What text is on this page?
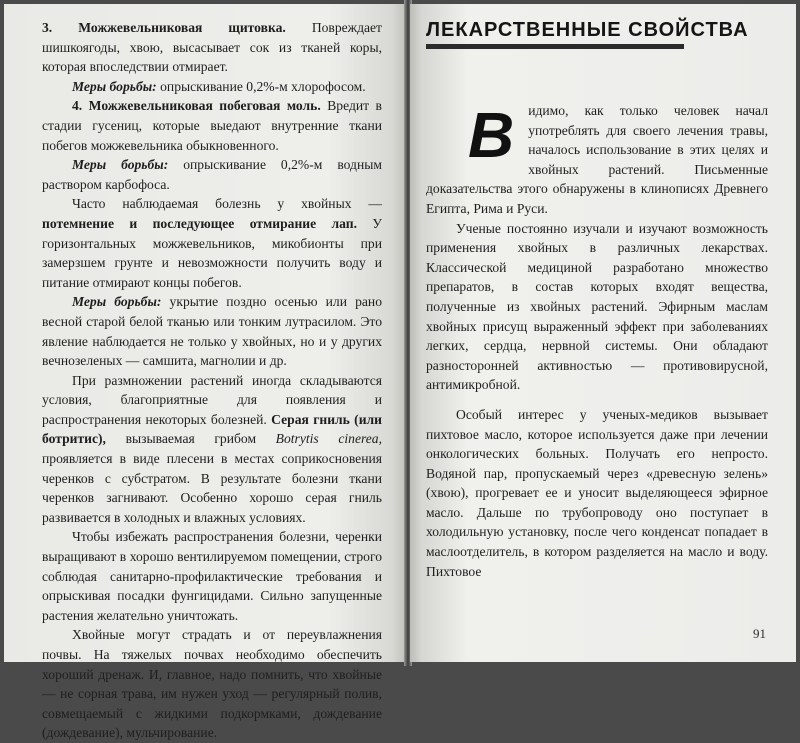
3. Можжевельниковая щитовка. Повреждает шишкоягоды, хвою, высасывает сок из тканей коры, которая впоследствии отмирает.

Меры борьбы: опрыскивание 0,2%-м хлорофосом.

4. Можжевельниковая побеговая моль. Вредит в стадии гусениц, которые выедают внутренние ткани побегов можжевельника обыкновенного.

Меры борьбы: опрыскивание 0,2%-м водным раствором карбофоса.

Часто наблюдаемая болезнь у хвойных — потемнение и последующее отмирание лап. У горизонтальных можжевельников, микобионты при замерзшем грунте и невозможности получить воду и питание отмирают концы побегов.

Меры борьбы: укрытие поздно осенью или рано весной старой белой тканью или тонким лутрасилом. Это явление наблюдается не только у хвойных, но и у других вечнозеленых — самшита, магнолии и др.

При размножении растений иногда складываются условия, благоприятные для появления и распространения некоторых болезней. Серая гниль (или ботритис), вызываемая грибом Botrytis cinerea, проявляется в виде плесени в местах соприкосновения черенков с субстратом. В результате болезни ткани черенков загнивают. Особенно хорошо серая гниль развивается в холодных и влажных условиях.

Чтобы избежать распространения болезни, черенки выращивают в хорошо вентилируемом помещении, строго соблюдая санитарно-профилактические требования и опрыскивая посадки фунгицидами. Сильно запущенные растения желательно уничтожать.

Хвойные могут страдать и от переувлажнения почвы. На тяжелых почвах необходимо обеспечить хороший дренаж. И, главное, надо помнить, что хвойные — не сорная трава, им нужен уход — регулярный полив, совмещаемый с жидкими подкормками, дождевание (дождевание), мульчирование.

ЛЕКАРСТВЕННЫЕ СВОЙСТВА
В	идимо, как только человек начал употреблять для своего лечения травы, началось использование в этих целях и хвойных растений. Письменные доказательства этого обнаружены в клинописях Древнего Египта, Рима и Руси.

Ученые постоянно изучали и изучают возможность применения хвойных в различных лекарствах. Классической медициной разработано множество препаратов, в состав которых входят вещества, полученные из хвойных растений. Эфирным маслам хвойных присущ выраженный эффект при заболеваниях легких, сердца, нервной системы. Они обладают разносторонней активностью — противовирусной, антимикробной.

Особый интерес у ученых-медиков вызывает пихтовое масло, которое используется даже при лечении онкологических больных. Получать его непросто. Водяной пар, пропускаемый через «древесную зелень» (хвою), прогревает ее и уносит выделяющееся эфирное масло. Дальше по трубопроводу оно поступает в холодильную установку, после чего конденсат попадает в маслоотделитель, в котором разделяется на масло и воду. Пихтовое

91
